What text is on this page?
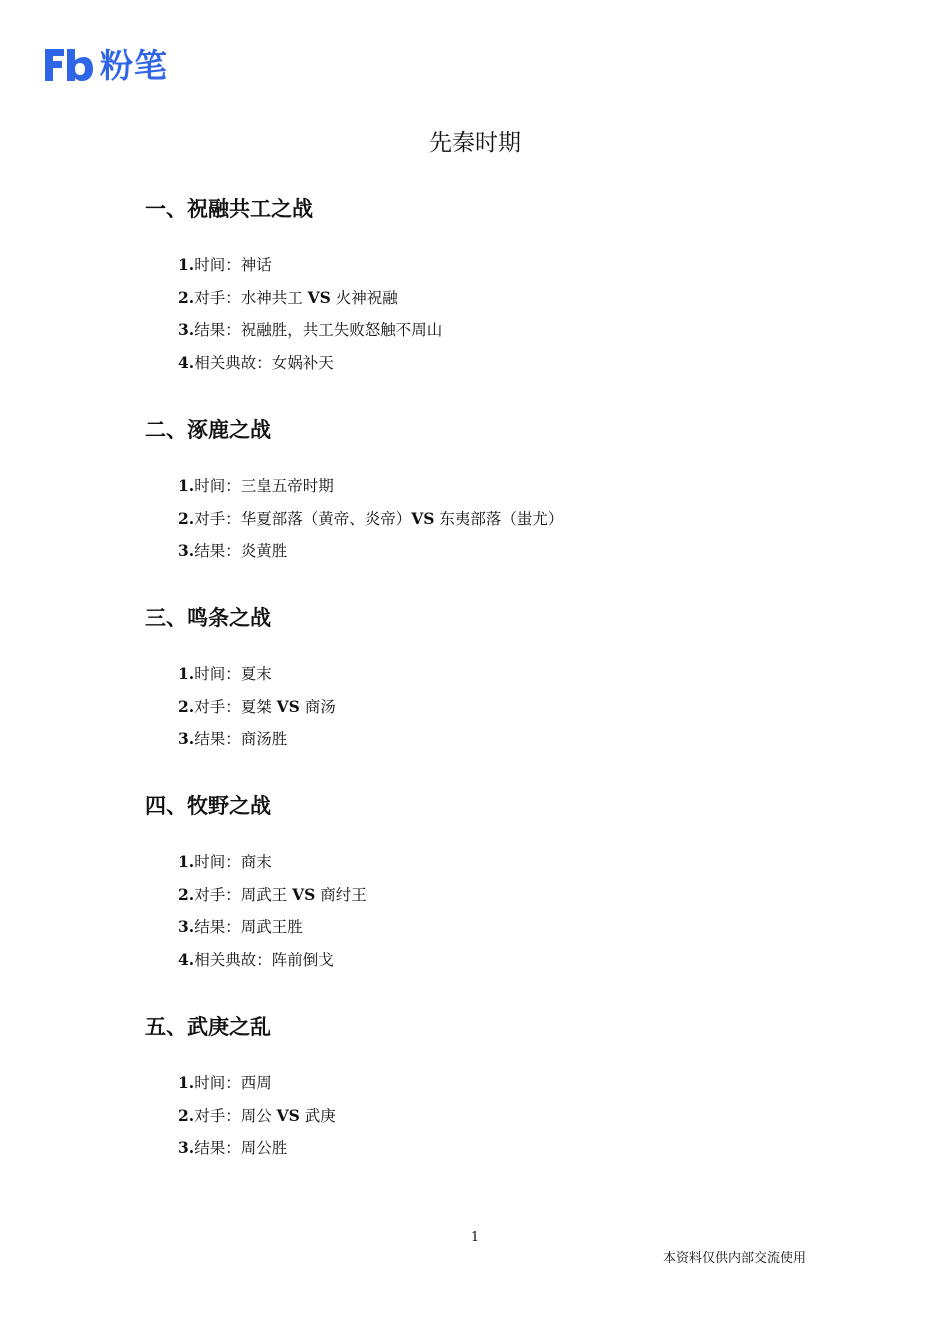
粉笔
先秦时期
一、祝融共工之战
1.时间：神话
2.对手：水神共工 VS 火神祝融
3.结果：祝融胜，共工失败怒触不周山
4.相关典故：女娲补天
二、涿鹿之战
1.时间：三皇五帝时期
2.对手：华夏部落（黄帝、炎帝）VS 东夷部落（蚩尤）
3.结果：炎黄胜
三、鸣条之战
1.时间：夏末
2.对手：夏桀 VS 商汤
3.结果：商汤胜
四、牧野之战
1.时间：商末
2.对手：周武王 VS 商纣王
3.结果：周武王胜
4.相关典故：阵前倒戈
五、武庚之乱
1.时间：西周
2.对手：周公 VS 武庚
3.结果：周公胜
1
本资料仅供内部交流使用
